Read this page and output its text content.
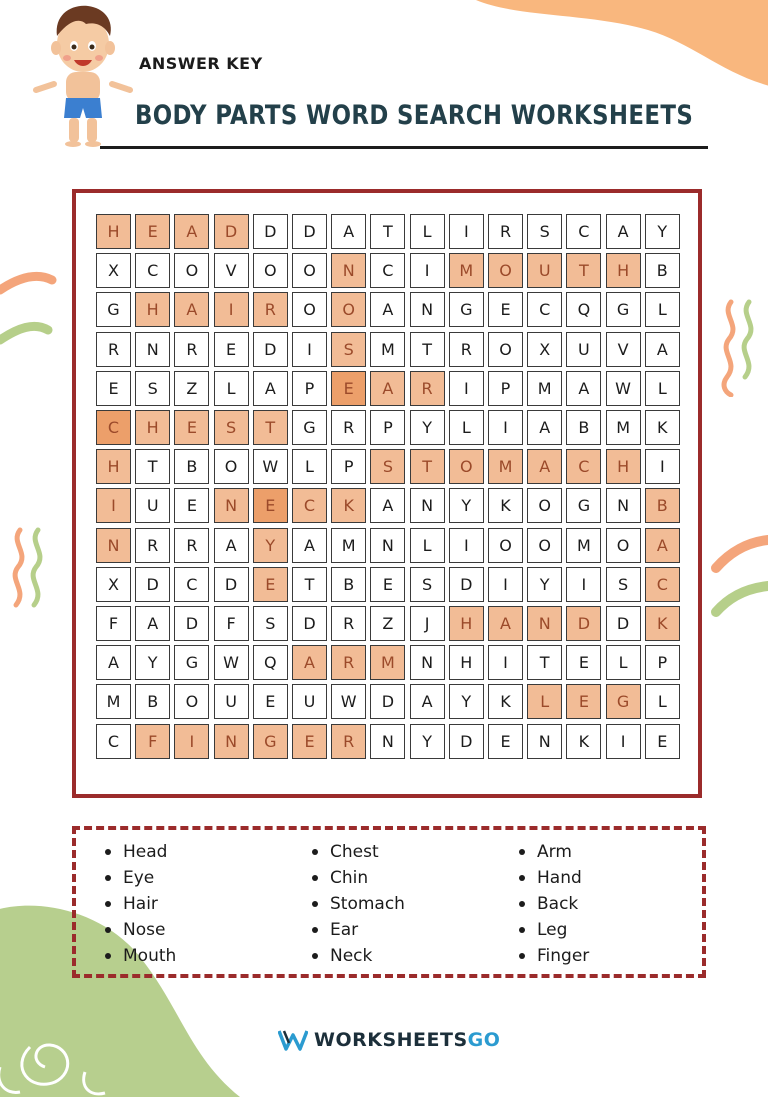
ANSWER KEY
BODY PARTS WORD SEARCH WORKSHEETS
H	E	A	D	D	D	A	T	L	I	R	S	C	A	Y
X	C	O	V	O	O	N	C	I	M	O	U	T	H	B
G	H	A	I	R	O	O	A	N	G	E	C	Q	G	L
R	N	R	E	D	I	S	M	T	R	O	X	U	V	A
E	S	Z	L	A	P	E	A	R	I	P	M	A	W	L
C	H	E	S	T	G	R	P	Y	L	I	A	B	M	K
H	T	B	O	W	L	P	S	T	O	M	A	C	H	I
I	U	E	N	E	C	K	A	N	Y	K	O	G	N	B
N	R	R	A	Y	A	M	N	L	I	O	O	M	O	A
X	D	C	D	E	T	B	E	S	D	I	Y	I	S	C
F	A	D	F	S	D	R	Z	J	H	A	N	D	D	K
A	Y	G	W	Q	A	R	M	N	H	I	T	E	L	P
M	B	O	U	E	U	W	D	A	Y	K	L	E	G	L
C	F	I	N	G	E	R	N	Y	D	E	N	K	I	E
Head
Eye
Hair
Nose
Mouth
Chest
Chin
Stomach
Ear
Neck
Arm
Hand
Back
Leg
Finger
WORKSHEETSGO
